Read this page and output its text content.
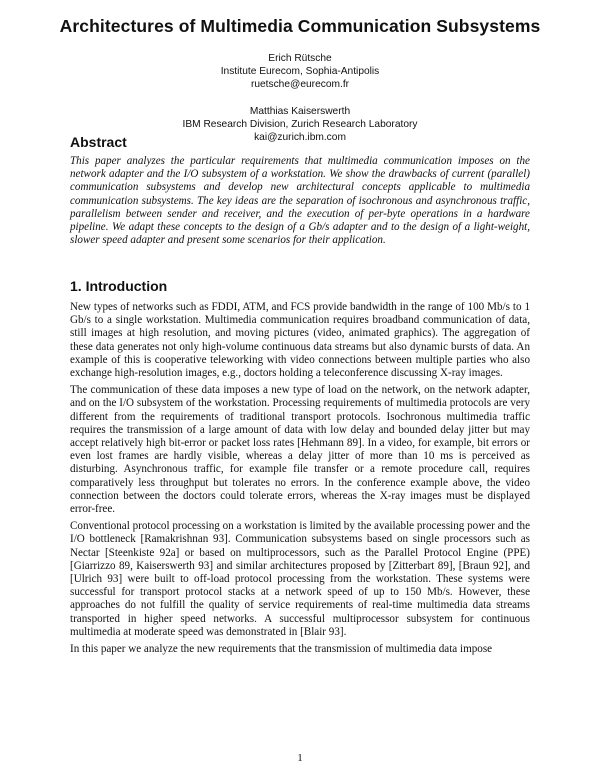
Architectures of Multimedia Communication Subsystems
Erich Rütsche
Institute Eurecom, Sophia-Antipolis
ruetsche@eurecom.fr
Matthias Kaiserswerth
IBM Research Division, Zurich Research Laboratory
kai@zurich.ibm.com
Abstract

This paper analyzes the particular requirements that multimedia communication imposes on the network adapter and the I/O subsystem of a workstation. We show the drawbacks of current (parallel) communication subsystems and develop new architectural concepts applicable to multimedia communication subsystems. The key ideas are the separation of isochronous and asynchronous traffic, parallelism between sender and receiver, and the execution of per-byte operations in a hardware pipeline. We adapt these concepts to the design of a Gb/s adapter and to the design of a light-weight, slower speed adapter and present some scenarios for their application.

1. Introduction

New types of networks such as FDDI, ATM, and FCS provide bandwidth in the range of 100 Mb/s to 1 Gb/s to a single workstation. Multimedia communication requires broadband communication of data, still images at high resolution, and moving pictures (video, animated graphics). The aggregation of these data generates not only high-volume continuous data streams but also dynamic bursts of data. An example of this is cooperative teleworking with video connections between multiple parties who also exchange high-resolution images, e.g., doctors holding a teleconference discussing X-ray images.

The communication of these data imposes a new type of load on the network, on the network adapter, and on the I/O subsystem of the workstation. Processing requirements of multimedia protocols are very different from the requirements of traditional transport protocols. Isochronous multimedia traffic requires the transmission of a large amount of data with low delay and bounded delay jitter but may accept relatively high bit-error or packet loss rates [Hehmann 89]. In a video, for example, bit errors or even lost frames are hardly visible, whereas a delay jitter of more than 10 ms is perceived as disturbing. Asynchronous traffic, for example file transfer or a remote procedure call, requires comparatively less throughput but tolerates no errors. In the conference example above, the video connection between the doctors could tolerate errors, whereas the X-ray images must be displayed error-free.

Conventional protocol processing on a workstation is limited by the available processing power and the I/O bottleneck [Ramakrishnan 93]. Communication subsystems based on single processors such as Nectar [Steenkiste 92a] or based on multiprocessors, such as the Parallel Protocol Engine (PPE) [Giarrizzo 89, Kaiserswerth 93] and similar architectures proposed by [Zitterbart 89], [Braun 92], and [Ulrich 93] were built to off-load protocol processing from the workstation. These systems were successful for transport protocol stacks at a network speed of up to 150 Mb/s. However, these approaches do not fulfill the quality of service requirements of real-time multimedia data streams transported in higher speed networks. A successful multiprocessor subsystem for continuous multimedia at moderate speed was demonstrated in [Blair 93].

In this paper we analyze the new requirements that the transmission of multimedia data impose

1
